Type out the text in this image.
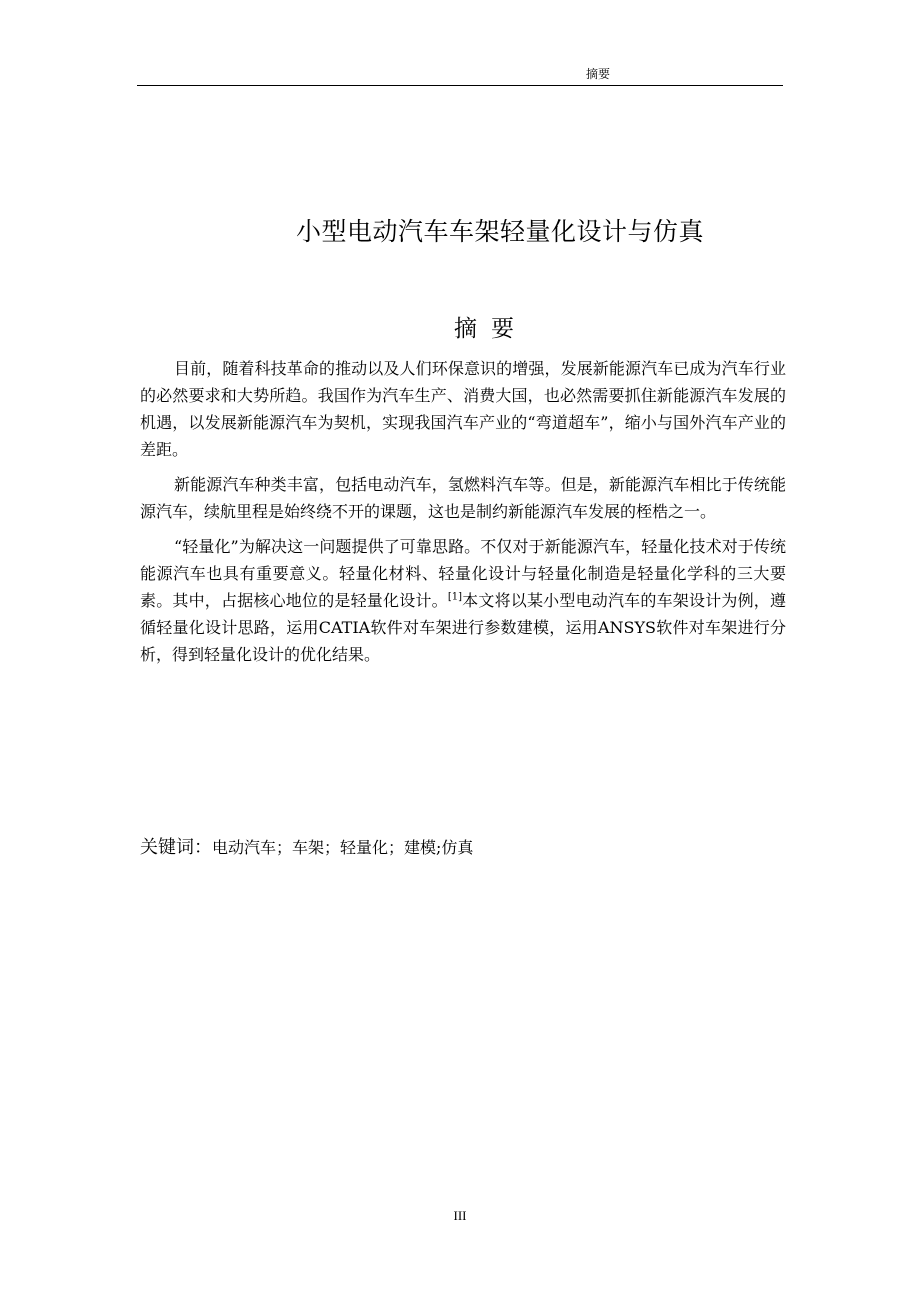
摘要
小型电动汽车车架轻量化设计与仿真
摘 要

目前，随着科技革命的推动以及人们环保意识的增强，发展新能源汽车已成为汽车行业的必然要求和大势所趋。我国作为汽车生产、消费大国，也必然需要抓住新能源汽车发展的机遇，以发展新能源汽车为契机，实现我国汽车产业的“弯道超车”，缩小与国外汽车产业的差距。

新能源汽车种类丰富，包括电动汽车，氢燃料汽车等。但是，新能源汽车相比于传统能源汽车，续航里程是始终绕不开的课题，这也是制约新能源汽车发展的桎梏之一。

“轻量化”为解决这一问题提供了可靠思路。不仅对于新能源汽车，轻量化技术对于传统能源汽车也具有重要意义。轻量化材料、轻量化设计与轻量化制造是轻量化学科的三大要素。其中，占据核心地位的是轻量化设计。[1]本文将以某小型电动汽车的车架设计为例，遵循轻量化设计思路，运用CATIA软件对车架进行参数建模，运用ANSYS软件对车架进行分析，得到轻量化设计的优化结果。

关键词：电动汽车；车架；轻量化；建模;仿真
III
